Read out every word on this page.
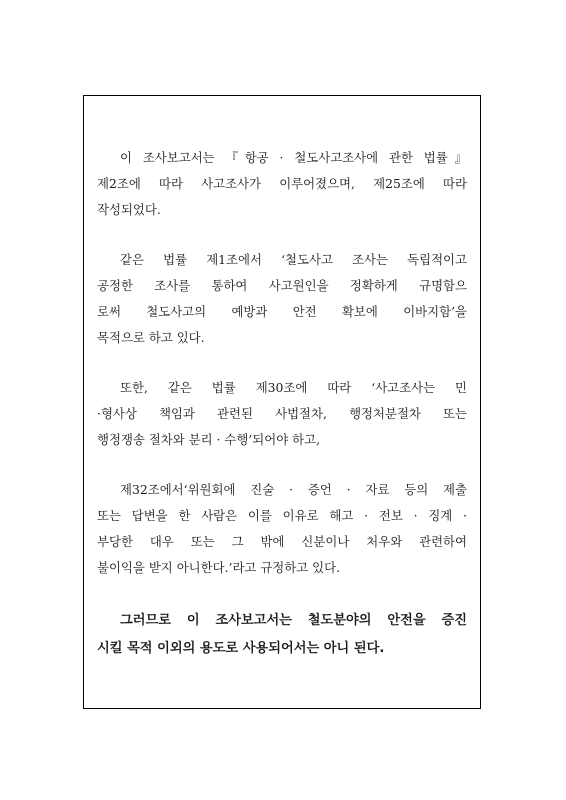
이 조사보고서는 『항공 · 철도사고조사에 관한 법률』
제2조에 따라 사고조사가 이루어졌으며, 제25조에 따라
작성되었다.
같은 법률 제1조에서 ‘철도사고 조사는 독립적이고
공정한 조사를 통하여 사고원인을 정확하게 규명함으
로써 철도사고의 예방과 안전 확보에 이바지함’을
목적으로 하고 있다.
또한, 같은 법률 제30조에 따라 ‘사고조사는 민
·형사상 책임과 관련된 사법절차, 행정처분절차 또는
행정쟁송 절차와 분리 · 수행’되어야 하고,
제32조에서‘위원회에 진술 · 증언 · 자료 등의 제출
또는 답변을 한 사람은 이를 이유로 해고 · 전보 · 징계 ·
부당한 대우 또는 그 밖에 신분이나 처우와 관련하여
불이익을 받지 아니한다.’라고 규정하고 있다.
그러므로 이 조사보고서는 철도분야의 안전을 증진
시킬 목적 이외의 용도로 사용되어서는 아니 된다.
